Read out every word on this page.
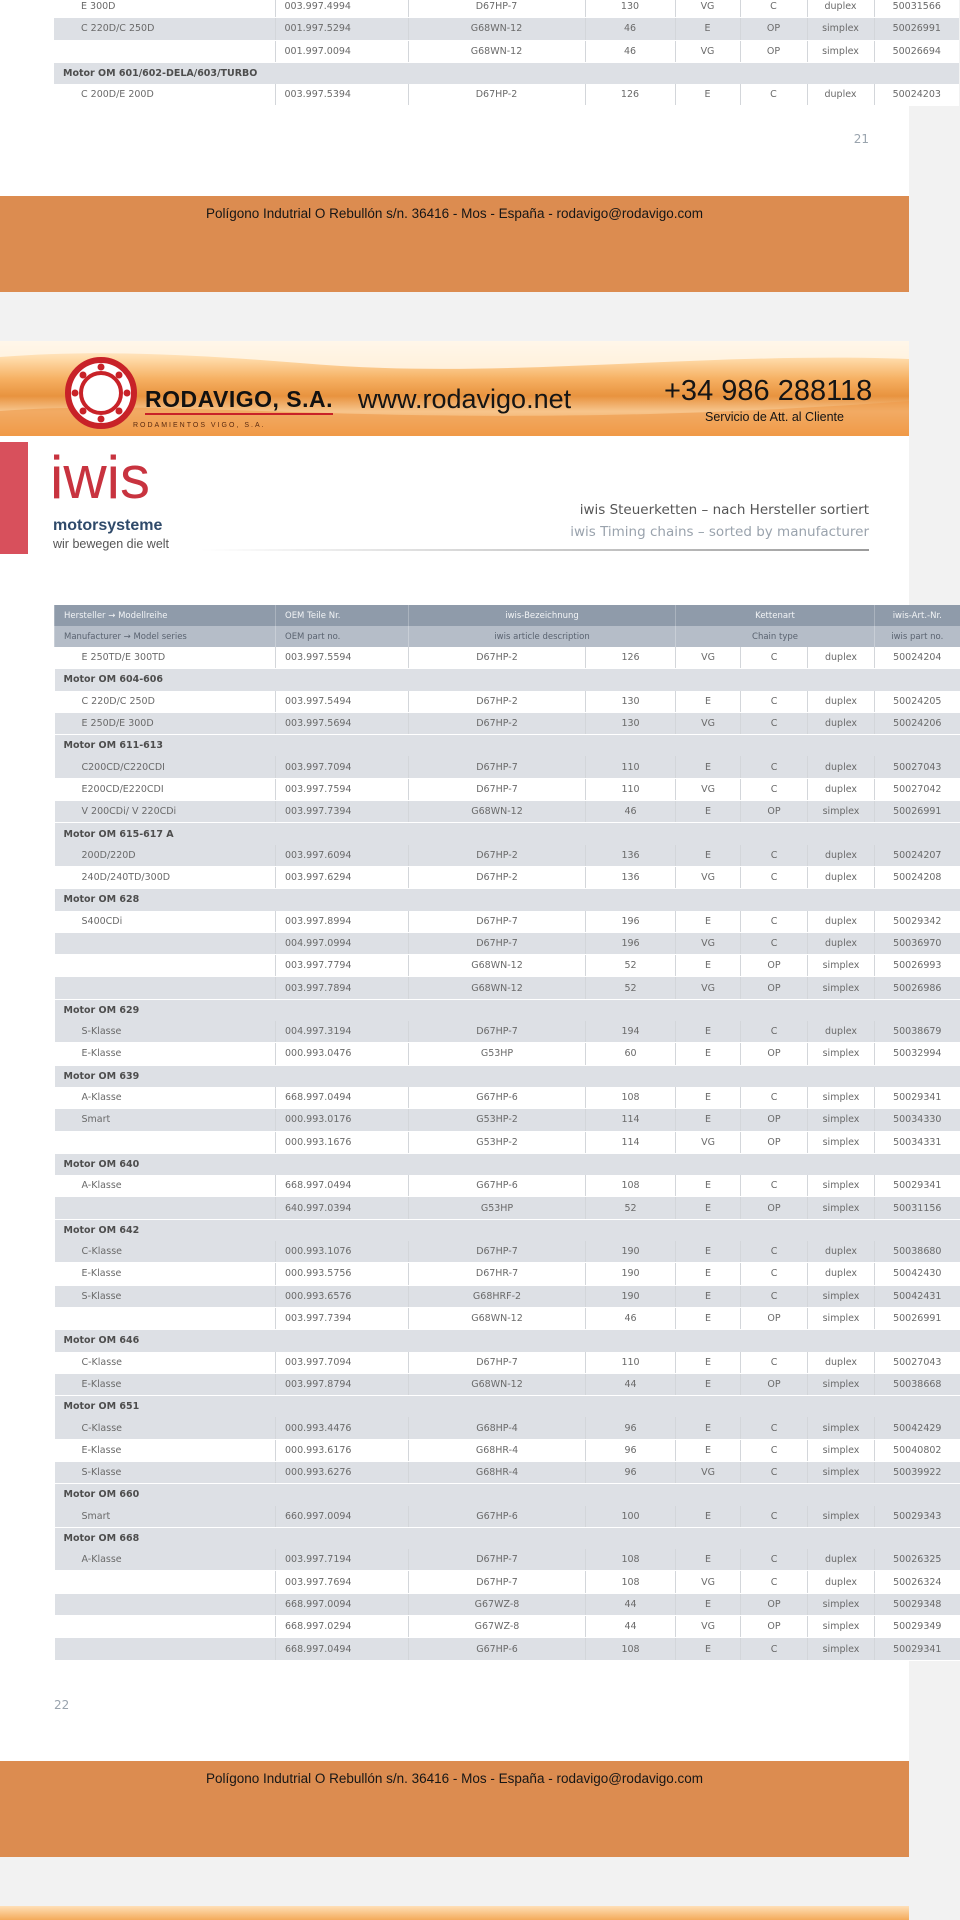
E 300D	003.997.4994	D67HP-7	130	VG	C	duplex	50031566
C 220D/C 250D	001.997.5294	G68WN-12	46	E	OP	simplex	50026991
	001.997.0094	G68WN-12	46	VG	OP	simplex	50026694
Motor OM 601/602-DELA/603/TURBO							
C 200D/E 200D	003.997.5394	D67HP-2	126	E	C	duplex	50024203
21
Polígono Indutrial O Rebullón s/n. 36416 - Mos - España - rodavigo@rodavigo.com
RODAVIGO, S.A.
RODAMIENTOS VIGO, S.A.
www.rodavigo.net	+34 986 288118
Servicio de Att. al Cliente
iwis
motorsysteme
wir bewegen die welt
iwis Steuerketten – nach Hersteller sortiert
iwis Timing chains – sorted by manufacturer
Hersteller → Modellreihe	OEM Teile Nr.	iwis-Bezeichnung		Kettenart			iwis-Art.-Nr.
Manufacturer → Model series	OEM part no.	iwis article description		Chain type			iwis part no.
E 250TD/E 300TD	003.997.5594	D67HP-2	126	VG	C	duplex	50024204
Motor OM 604-606							
C 220D/C 250D	003.997.5494	D67HP-2	130	E	C	duplex	50024205
E 250D/E 300D	003.997.5694	D67HP-2	130	VG	C	duplex	50024206
Motor OM 611-613							
C200CD/C220CDI	003.997.7094	D67HP-7	110	E	C	duplex	50027043
E200CD/E220CDI	003.997.7594	D67HP-7	110	VG	C	duplex	50027042
V 200CDi/ V 220CDi	003.997.7394	G68WN-12	46	E	OP	simplex	50026991
Motor OM 615-617 A							
200D/220D	003.997.6094	D67HP-2	136	E	C	duplex	50024207
240D/240TD/300D	003.997.6294	D67HP-2	136	VG	C	duplex	50024208
Motor OM 628							
S400CDi	003.997.8994	D67HP-7	196	E	C	duplex	50029342
	004.997.0994	D67HP-7	196	VG	C	duplex	50036970
	003.997.7794	G68WN-12	52	E	OP	simplex	50026993
	003.997.7894	G68WN-12	52	VG	OP	simplex	50026986
Motor OM 629							
S-Klasse	004.997.3194	D67HP-7	194	E	C	duplex	50038679
E-Klasse	000.993.0476	G53HP	60	E	OP	simplex	50032994
Motor OM 639							
A-Klasse	668.997.0494	G67HP-6	108	E	C	simplex	50029341
Smart	000.993.0176	G53HP-2	114	E	OP	simplex	50034330
	000.993.1676	G53HP-2	114	VG	OP	simplex	50034331
Motor OM 640							
A-Klasse	668.997.0494	G67HP-6	108	E	C	simplex	50029341
	640.997.0394	G53HP	52	E	OP	simplex	50031156
Motor OM 642							
C-Klasse	000.993.1076	D67HP-7	190	E	C	duplex	50038680
E-Klasse	000.993.5756	D67HR-7	190	E	C	duplex	50042430
S-Klasse	000.993.6576	G68HRF-2	190	E	C	simplex	50042431
	003.997.7394	G68WN-12	46	E	OP	simplex	50026991
Motor OM 646							
C-Klasse	003.997.7094	D67HP-7	110	E	C	duplex	50027043
E-Klasse	003.997.8794	G68WN-12	44	E	OP	simplex	50038668
Motor OM 651							
C-Klasse	000.993.4476	G68HP-4	96	E	C	simplex	50042429
E-Klasse	000.993.6176	G68HR-4	96	E	C	simplex	50040802
S-Klasse	000.993.6276	G68HR-4	96	VG	C	simplex	50039922
Motor OM 660							
Smart	660.997.0094	G67HP-6	100	E	C	simplex	50029343
Motor OM 668							
A-Klasse	003.997.7194	D67HP-7	108	E	C	duplex	50026325
	003.997.7694	D67HP-7	108	VG	C	duplex	50026324
	668.997.0094	G67WZ-8	44	E	OP	simplex	50029348
	668.997.0294	G67WZ-8	44	VG	OP	simplex	50029349
	668.997.0494	G67HP-6	108	E	C	simplex	50029341
22
Polígono Indutrial O Rebullón s/n. 36416 - Mos - España - rodavigo@rodavigo.com
